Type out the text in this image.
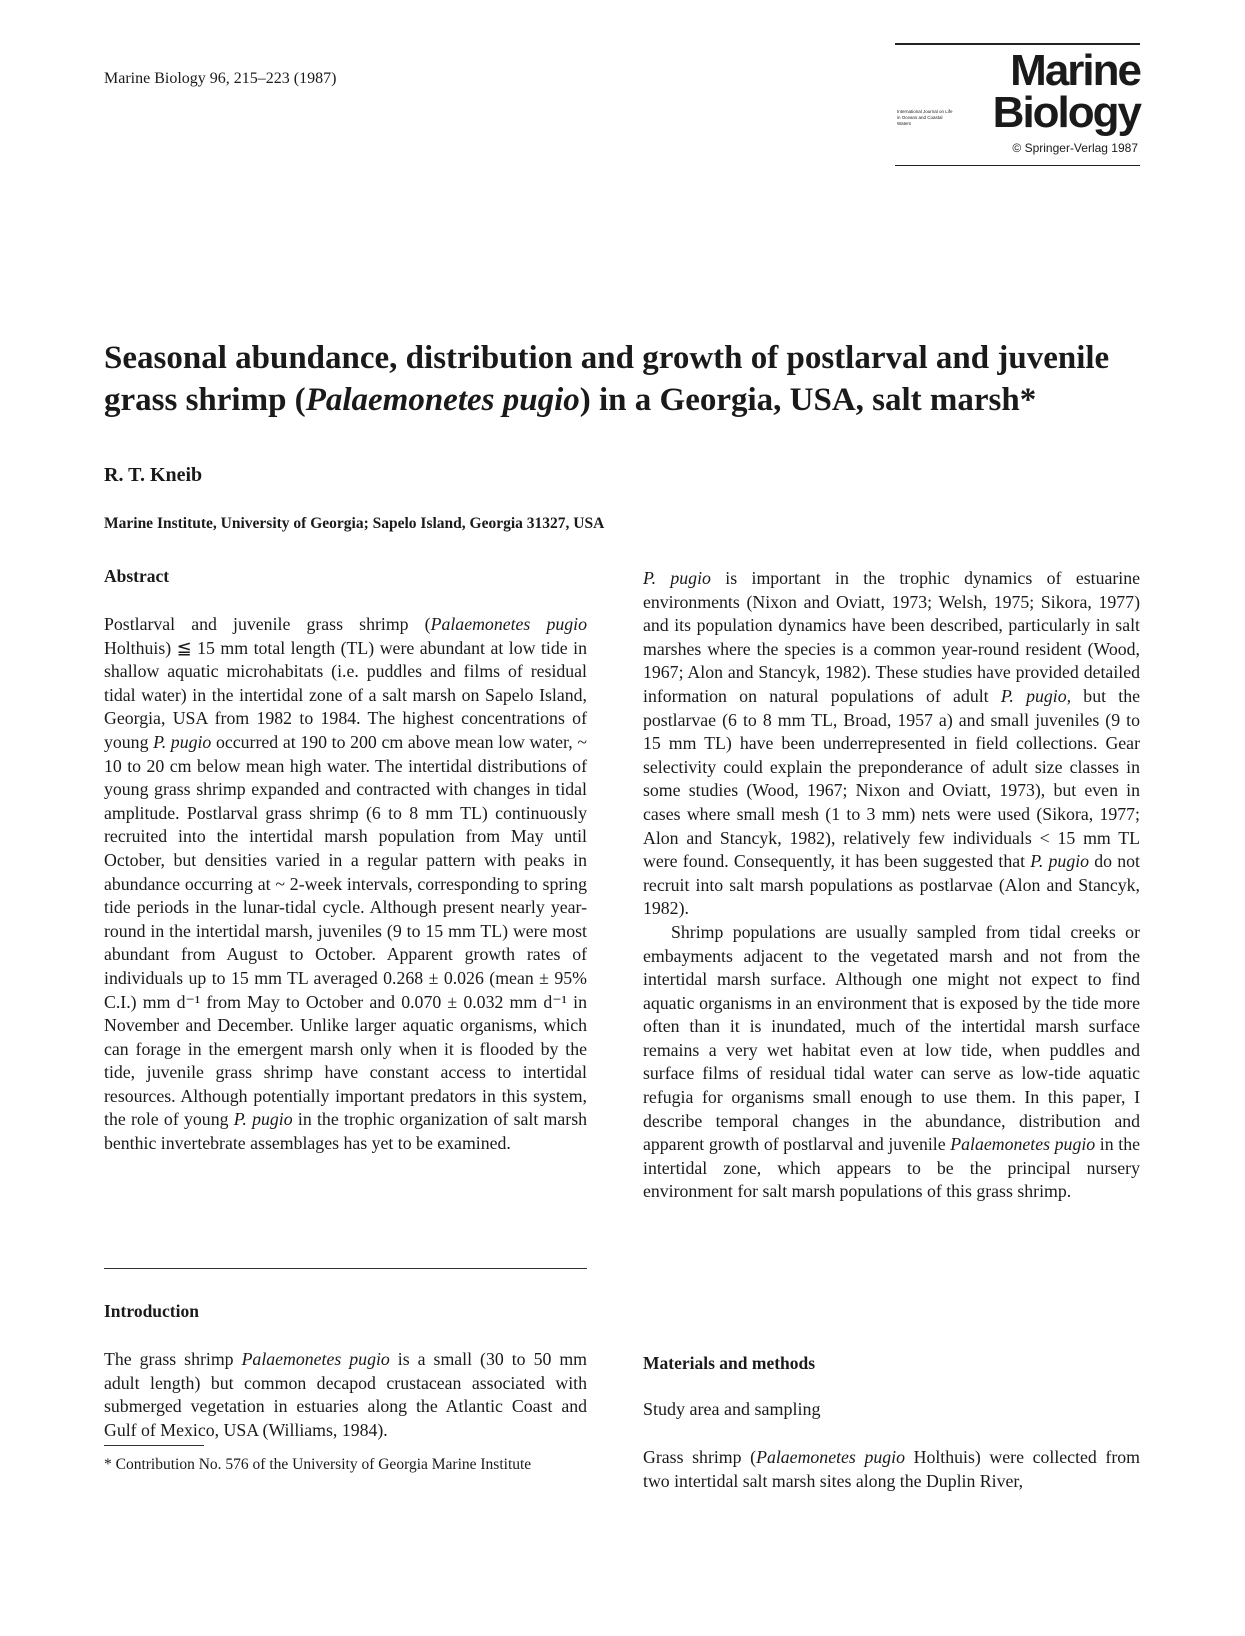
Marine Biology 96, 215–223 (1987)	Marine
International Journal on Life in Oceans and Coastal Waters	Biology
© Springer-Verlag 1987
Seasonal abundance, distribution and growth of postlarval and juvenile grass shrimp (Palaemonetes pugio) in a Georgia, USA, salt marsh*
R. T. Kneib
Marine Institute, University of Georgia; Sapelo Island, Georgia 31327, USA
Abstract

Postlarval and juvenile grass shrimp (Palaemonetes pugio Holthuis) ≦ 15 mm total length (TL) were abundant at low tide in shallow aquatic microhabitats (i.e. puddles and films of residual tidal water) in the intertidal zone of a salt marsh on Sapelo Island, Georgia, USA from 1982 to 1984. The highest concentrations of young P. pugio occurred at 190 to 200 cm above mean low water, ~ 10 to 20 cm below mean high water. The intertidal distributions of young grass shrimp expanded and contracted with changes in tidal amplitude. Postlarval grass shrimp (6 to 8 mm TL) continuously recruited into the intertidal marsh population from May until October, but densities varied in a regular pattern with peaks in abundance occurring at ~ 2-week intervals, corresponding to spring tide periods in the lunar-tidal cycle. Although present nearly year-round in the intertidal marsh, juveniles (9 to 15 mm TL) were most abundant from August to October. Apparent growth rates of individuals up to 15 mm TL averaged 0.268 ± 0.026 (mean ± 95% C.I.) mm d⁻¹ from May to October and 0.070 ± 0.032 mm d⁻¹ in November and December. Unlike larger aquatic organisms, which can forage in the emergent marsh only when it is flooded by the tide, juvenile grass shrimp have constant access to intertidal resources. Although potentially important predators in this system, the role of young P. pugio in the trophic organization of salt marsh benthic invertebrate assemblages has yet to be examined.

Introduction

The grass shrimp Palaemonetes pugio is a small (30 to 50 mm adult length) but common decapod crustacean associated with submerged vegetation in estuaries along the Atlantic Coast and Gulf of Mexico, USA (Williams, 1984).

* Contribution No. 576 of the University of Georgia Marine Institute

P. pugio is important in the trophic dynamics of estuarine environments (Nixon and Oviatt, 1973; Welsh, 1975; Sikora, 1977) and its population dynamics have been described, particularly in salt marshes where the species is a common year-round resident (Wood, 1967; Alon and Stancyk, 1982). These studies have provided detailed information on natural populations of adult P. pugio, but the postlarvae (6 to 8 mm TL, Broad, 1957 a) and small juveniles (9 to 15 mm TL) have been underrepresented in field collections. Gear selectivity could explain the preponderance of adult size classes in some studies (Wood, 1967; Nixon and Oviatt, 1973), but even in cases where small mesh (1 to 3 mm) nets were used (Sikora, 1977; Alon and Stancyk, 1982), relatively few individuals < 15 mm TL were found. Consequently, it has been suggested that P. pugio do not recruit into salt marsh populations as postlarvae (Alon and Stancyk, 1982).

Shrimp populations are usually sampled from tidal creeks or embayments adjacent to the vegetated marsh and not from the intertidal marsh surface. Although one might not expect to find aquatic organisms in an environment that is exposed by the tide more often than it is inundated, much of the intertidal marsh surface remains a very wet habitat even at low tide, when puddles and surface films of residual tidal water can serve as low-tide aquatic refugia for organisms small enough to use them. In this paper, I describe temporal changes in the abundance, distribution and apparent growth of postlarval and juvenile Palaemonetes pugio in the intertidal zone, which appears to be the principal nursery environment for salt marsh populations of this grass shrimp.

Materials and methods
Study area and sampling

Grass shrimp (Palaemonetes pugio Holthuis) were collected from two intertidal salt marsh sites along the Duplin River,
